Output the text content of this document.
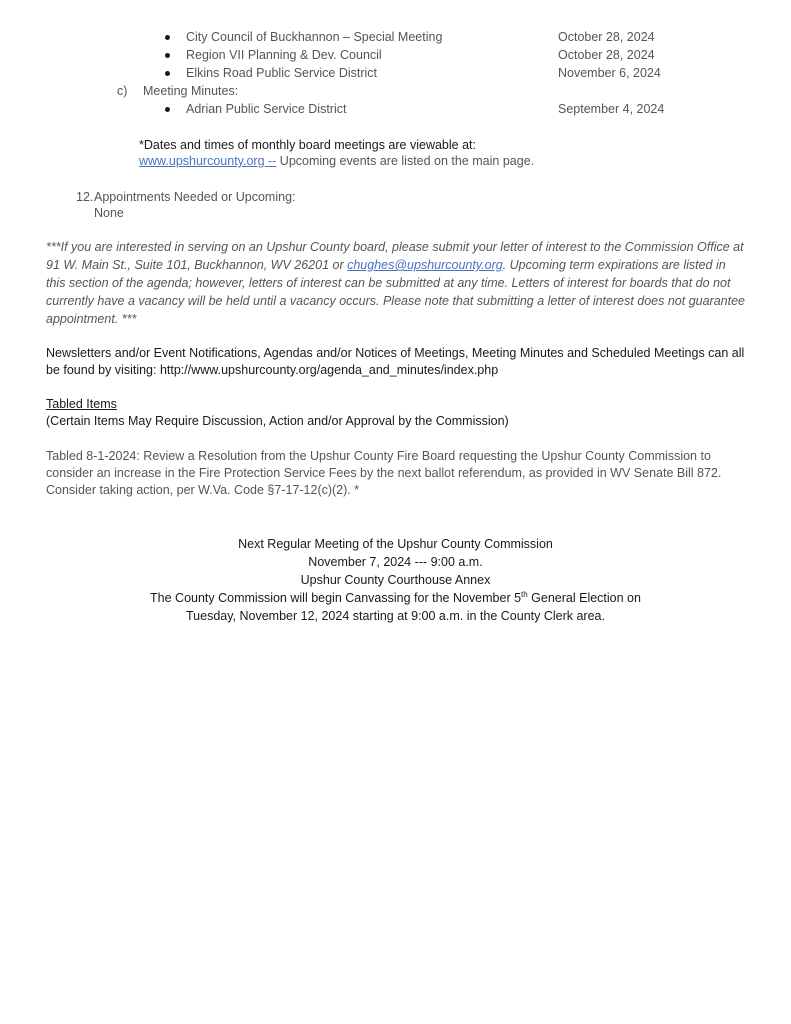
City Council of Buckhannon – Special Meeting	October 28, 2024
Region VII Planning & Dev. Council	October 28, 2024
Elkins Road Public Service District	November 6, 2024
c) Meeting Minutes:
Adrian Public Service District	September 4, 2024
*Dates and times of monthly board meetings are viewable at:
www.upshurcounty.org -- Upcoming events are listed on the main page.
12. Appointments Needed or Upcoming:
None
***If you are interested in serving on an Upshur County board, please submit your letter of interest to the Commission Office at 91 W. Main St., Suite 101, Buckhannon, WV 26201 or chughes@upshurcounty.org. Upcoming term expirations are listed in this section of the agenda; however, letters of interest can be submitted at any time. Letters of interest for boards that do not currently have a vacancy will be held until a vacancy occurs. Please note that submitting a letter of interest does not guarantee appointment. ***
Newsletters and/or Event Notifications, Agendas and/or Notices of Meetings, Meeting Minutes and Scheduled Meetings can all be found by visiting: http://www.upshurcounty.org/agenda_and_minutes/index.php
Tabled Items
(Certain Items May Require Discussion, Action and/or Approval by the Commission)
Tabled 8-1-2024: Review a Resolution from the Upshur County Fire Board requesting the Upshur County Commission to consider an increase in the Fire Protection Service Fees by the next ballot referendum, as provided in WV Senate Bill 872. Consider taking action, per W.Va. Code §7-17-12(c)(2). *
Next Regular Meeting of the Upshur County Commission
November 7, 2024 --- 9:00 a.m.
Upshur County Courthouse Annex
The County Commission will begin Canvassing for the November 5th General Election on
Tuesday, November 12, 2024 starting at 9:00 a.m. in the County Clerk area.
